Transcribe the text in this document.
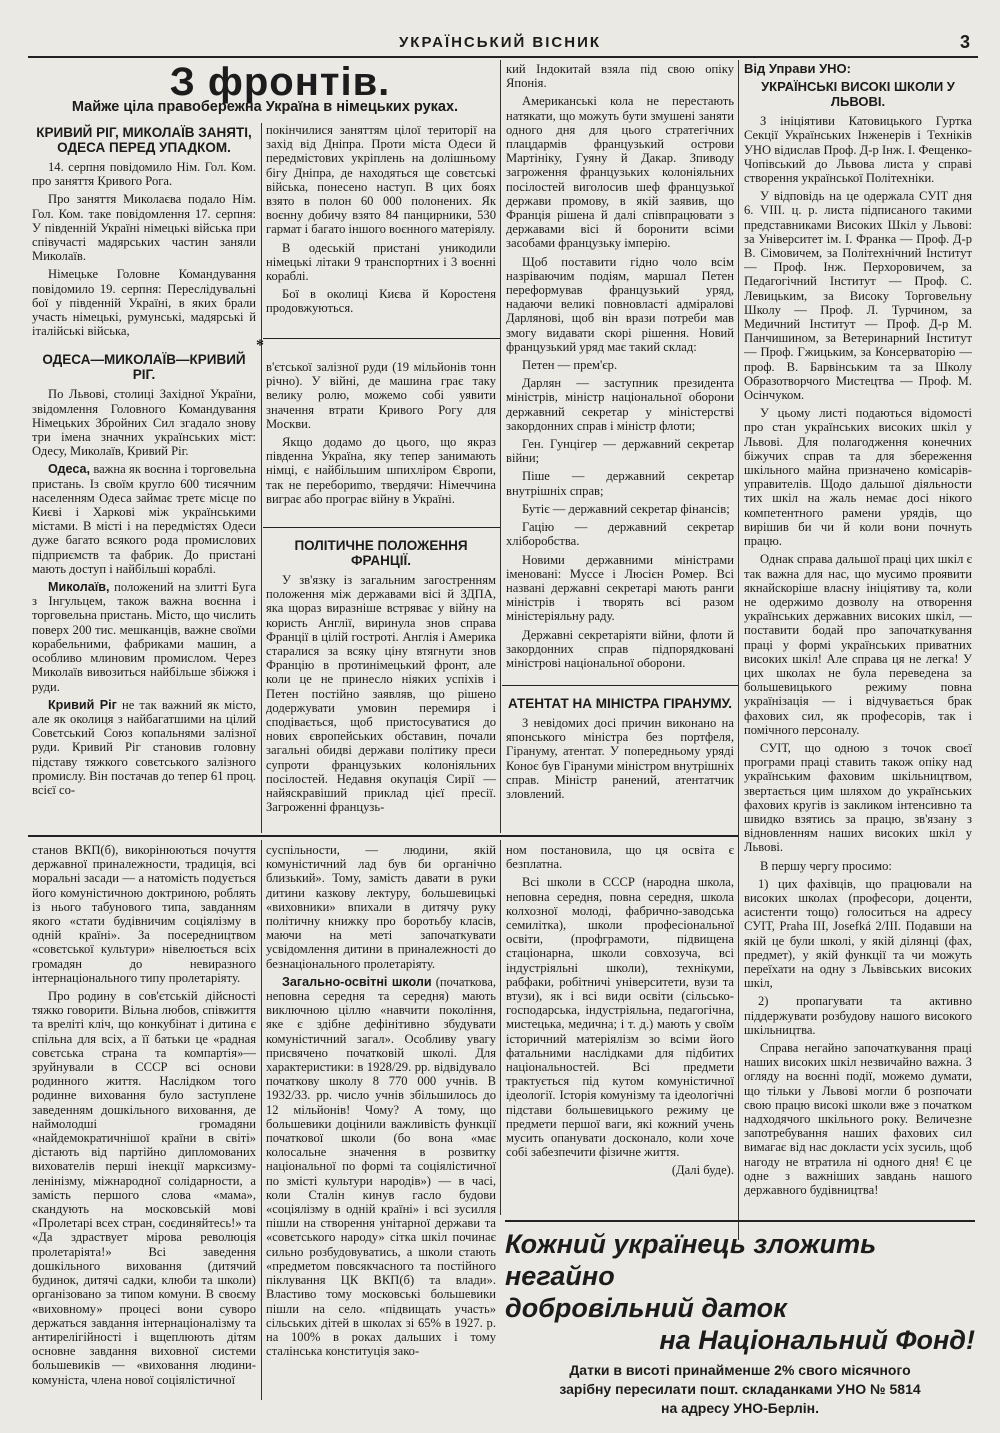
УКРАЇНСЬКИЙ ВІСНИК	3
З фронтів.
Майже ціла правобережна Україна в німецьких руках.
КРИВИЙ РІГ, МИКОЛАЇВ ЗАНЯТІ, ОДЕСА ПЕРЕД УПАДКОМ.

14. серпня повідомило Нім. Гол. Ком. про заняття Кривого Рога.

Про заняття Миколаєва подало Нім. Гол. Ком. таке повідомлення 17. серпня: У південній Україні німецькі війська при співучасті мадярських частин заняли Миколаїв.

Німецьке Головне Командування повідомило 19. серпня: Переслідувальні бої у південній Україні, в яких брали участь німецькі, румунські, мадярські й італійські війська,

ОДЕСА—МИКОЛАЇВ—КРИВИЙ РІГ.

По Львові, столиці Західної України, звідомлення Головного Командування Німецьких Збройних Сил згадало знову три імена значних українських міст: Одесу, Миколаїв, Кривий Ріг.

Одеса, важна як воєнна і торговельна пристань. Із своїм кругло 600 тисячним населенням Одеса займає третє місце по Києві і Харкові між українськими містами. В місті і на передмістях Одеси дуже багато всякого рода промислових підприємств та фабрик. До пристані мають доступ і найбільші кораблі.

Миколаїв, положений на злитті Буга з Інгульцем, також важна воєнна і торговельна пристань. Місто, що числить поверх 200 тис. мешканців, важне своїми корабельними, фабриками машин, а особливо млиновим промислом. Через Миколаїв вивозиться найбільше збіжжя і руди.

Кривий Ріг не так важний як місто, але як околиця з найбагатшими на цілий Совєтський Союз копальнями залізної руди. Кривий Ріг становив головну підставу тяжкого совєтського залізного промислу. Він постачав до тепер 61 проц. всієї со-

покінчилися заняттям цілої території на захід від Дніпра. Проти міста Одеси й передмістовиx укріплень на долішньому бігу Дніпра, де находяться ще совєтські війська, понесено наступ. В цих боях взято в полон 60 000 полонених. Як воєнну добичу взято 84 панцирники, 530 гармат і багато іншого воєнного матеріялу.

В одеській пристані уникодили німецькі літаки 9 транспортних і 3 воєнні кораблі.

Бої в околиці Києва й Коростеня продовжуються.

*

в'єтської залізної руди (19 мільйонів тонн річно). У війні, де машина грає таку велику ролю, можемо собі уявити значення втрати Кривого Рогу для Москви.

Якщо додамо до цього, що якраз південна Україна, яку тепер занимають німці, є найбільшим шпихліром Європи, так не перебориmо, твердячи: Німеччина виграє або програє війну в Україні.

ПОЛІТИЧНЕ ПОЛОЖЕННЯ ФРАНЦІЇ.

У зв'язку із загальним загостренням положення між державами вісі й ЗДПА, яка щораз виразніше встряває у війну на користь Англії, виринула знов справа Франції в цілій гостроті. Англія і Америка старалися за всяку ціну втягнути знов Францію в протинімецький фронт, але коли це не принесло ніяких успіхів і Петен постійно заявляв, що рішенo додержувати умовин перемиря і сподівається, щоб пристосуватися до нових європейських обставин, почали загальні обидві держави політику преси супроти французьких колоніяльних посілостей. Недавня окупація Сирії — найяскравіший приклад цієї пресії. Загроженні французь-

кий Індокитай взяла під свою опіку Японія.

Американські кола не перестають натякати, що можуть бути змушені заняти одного дня для цього стратегічних плацдармів французький острови Мартініку, Гуяну й Дакар. Зпиводу загроження французьких колоніяльних посілостей виголосив шеф французької держави промову, в якій заявив, що Франція рішена й далі співпрацювати з державами вісі й боронити всіми засобами французьку імперію.

Щоб поставити гідно чоло всім назріваючим подіям, маршал Петен переформував французький уряд, надаючи великі повновласті адміралові Дарлянові, щоб він врази потреби мав змогу видавати скорі рішення. Новий французький уряд має такий склад:

Петен — прем'єр.

Дарлян — заступник президента міністрів, міністр національної оборони державний секретар у міністерстві закордонних справ і міністр флоти;

Ген. Гунцігер — державний секретар війни;

Пішe — державний секретар внутрішніх справ;

Бутіє — державний секретар фінансів;

Гацію — державний секретар хліборобства.

Новими державними міністрами іменовані: Муссе і Люсієн Ромер. Всі названі державні секретарі мають ранги міністрів і творять всі разом міністеріяльну раду.

Державні секретаріяти війни, флоти й закордонних справ підпорядковані міністрові національної оборони.

АТЕНТАТ НА МІНІСТРА ГІРАНУМУ.

З невідомих досі причин виконано на японського міністра без портфеля, Гірануму, атентат. У попередньому уряді Коноє був Гірануми міністром внутрішніх справ. Міністр ранений, атентатчик зловлений.

Від Управи УНО:
УКРАЇНСЬКІ ВИСОКІ ШКОЛИ У ЛЬВОВІ.

З ініціятиви Катовицького Гуртка Секції Українських Інженерів і Техніків УНО відислав Проф. Д-р Інж. І. Фещенко-Чопівський до Львова листа у справі створення української Політехніки.

У відповідь на це одержала СУІТ дня 6. VIII. ц. р. листа підписаного такими представниками Високих Шкіл у Львові: за Університет ім. І. Франка — Проф. Д-р В. Сімовичем, за Політехнічний Інститут — Проф. Інж. Перхоровичем, за Педагогічний Інститут — Проф. С. Левицьким, за Високу Торговельну Школу — Проф. Л. Турчином, за Медичний Інститут — Проф. Д-р М. Панчишином, за Ветеринарний Інститут — Проф. Гжицьким, за Консерваторію — проф. В. Барвінським та за Школу Образотворчого Мистецтва — Проф. М. Осінчуком.

У цьому листі подаються відомості про стан українських високих шкіл у Львові. Для полагодження конечних біжучих справ та для збереження шкільного майна призначено комісарів-управителів. Щодо дальшої діяльности тих шкіл на жаль немає досі нікого компетентного рамени урядів, що вирішив би чи й коли вони почнуть працю.

Однак справа дальшої праці цих шкіл є так важна для нас, що мусимо проявити якнайскоріше власну ініціятиву та, коли не одержимо дозволу на отворення українських державних високих шкіл, — поставити бодай про започаткування праці у формі українських приватних високих шкіл! Але справа ця не легка! У цих школах не була переведена за большевицького режиму повна українізація — і відчувається брак фахових сил, як професорів, так і помічного персоналу.

СУІТ, що одною з точок своєї програми праці ставить також опіку над українським фаховим шкільництвом, звертається цим шляхом до українських фахових кругів із закликом інтенсивно та швидко взятись за працю, зв'язану з відновленням наших високих шкіл у Львові.

В першу чергу просимо:

1) цих фахівців, що працювали на високих школах (професори, доценти, асистенти тощо) голоситься на адресу СУІТ, Praha III, Josefká 2/III. Подавши на якій це були школі, у якій ділянці (фах, предмет), у якій функції та чи можуть переїхати на одну з Львівських високих шкіл,

2) пропагувати та активно піддержувати розбудову нашого високого шкільництва.

Справа негайно започаткування праці наших високих шкіл незвичайно важна. З огляду на воєнні події, можемо думати, що тільки у Львові могли б розпочати свою працю високі школи вже з початком надходячого шкільного року. Величезне запотребування наших фахових сил вимагає від нас докласти усіх зусиль, щоб нагоду не втратила ні одного дня! Є це одне з важніших завдань нашого державного будівництва!

станов ВКП(б), викорінюються почуття державної приналежности, традиція, всі моральні засади — а натомість подується його комуністичною доктриною, роблять із нього табунового типа, завданням якого «стати будівничим соціялізму в одній країні». За посередництвом «совєтської культури» нівелюється всіх громадян до невиразного інтернаціонального типу пролетаріяту.

Про родину в сов'єтській дійсності тяжко говорити. Вільна любов, співжиття та вреліті кліч, що конкубінат і дитина є спільна для всіх, а її батьки це «радная совєтська страна та компартія»—зруйнували в СССР всі основи родинного життя. Наслідком того родинне виховання було заступлене заведенням дошкільного виховання, де наймолодші громадяни «найдемократичнішої країни в світі» дістають від партійно дипломованих вихователів перші інекції марксизму-ленінізму, міжнародної солідарности, а замість першого слова «мама», скандують на московській мові «Пролетарі всех стран, соєдиняйтесь!» та «Да здраствует мірова революція пролетаріята!» Всі заведення дошкільного виховання (дитячий будинок, дитячі садки, клюби та школи) організовано за типом комуни. В своєму «виховному» процесі вони суворо держаться завдання інтернаціоналізму та антирелігійності і вщеплюють дітям основне завдання виховної системи большевиків — «виховання людини-комуніста, члена нової соціялістичної

суспільности, — людини, якій комуністичний лад був би органічно близький». Тому, замість давати в руки дитини казкову лектуру, большевицькі «виховники» впихали в дитячу руку політичну книжку про боротьбу класів, маючи на меті започаткувати усвідомлення дитини в приналежності до безнаціонального пролетаріяту.

Загально-освітні школи (початкова, неповна середня та середня) мають виключною ціллю «навчити покоління, яке є здібне дефінітивно збудувати комуністичний загал». Особливу увагу присвячено початковій школі. Для характеристики: в 1928/29. рр. відвідувало початкову школу 8 770 000 учнів. В 1932/33. рр. число учнів збільшилось до 12 мільйонів! Чому? А тому, що большевики доцінили важливість функції початкової школи (бо вона «має колосальне значення в розвитку національної по формі та соціялістичної по змісті культури народів») — в часі, коли Сталін кинув гасло будови «соціялізму в одній країні» і всі зусилля пішли на створення унітарної держави та «совєтського народу» сітка шкіл починає сильно розбудовуватись, а школи стають «предметом повсякчасного та постійного піклування ЦК ВКП(б) та влади». Властиво тому московські большевики пішли на село. «підвищать участь» сільських дітей в школах зі 65% в 1927. р. на 100% в роках дальших і тому сталінська конституція зако-

ном постановила, що ця освіта є безплатна.

Всі школи в СССР (народна школа, неповна середня, повна середня, школа колхозної молоді, фабрично-заводська семилітка), школи професіональної освіти, (профграмоти, підвищена стаціонарна, школи совхозуча, всі індустріяльні школи), технікуми, рабфаки, робітничі університети, вузи та втузи), як і всі види освіти (сільсько-господарська, індустріяльна, педагогічна, мистецька, медична; і т. д.) мають у своїм історичний матеріялізм зо всіми його фатальними наслідками для підбитих національностей. Всі предмети трактується під кутом комуністичної ідеології. Історія комунізму та ідеологічні підстави большевицького режиму це предмети першої ваги, які кожний учень мусить опанувати досконало, коли хоче собі забезпечити фізичне життя.

(Далі буде).

Кожний українець зложить негайно
добровільний даток
на Національний Фонд!
Датки в висоті принайменше 2% свого місячного
зарібну пересилати пошт. складанками УНО № 5814
на адресу УНО-Берлін.
